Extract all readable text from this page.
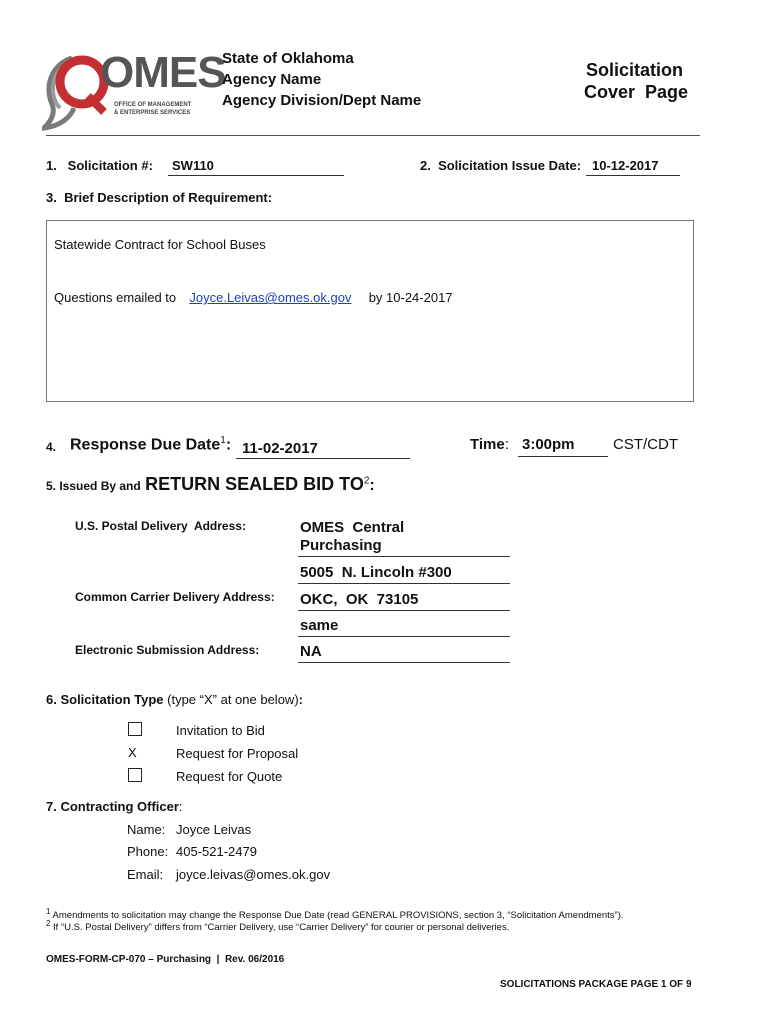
OMES
OFFICE OF MANAGEMENT
& ENTERPRISE SERVICES
State of Oklahoma
Agency Name
Agency Division/Dept Name
Solicitation
Cover  Page
1.   Solicitation #:	SW110	2.  Solicitation Issue Date: 10-12-2017
3.  Brief Description of Requirement:
Statewide Contract for School Buses
Questions emailed to Joyce.Leivas@omes.ok.gov by 10-24-2017
4. Response Due Date$^1$: 11-02-2017	Time: 3:00pm	CST/CDT
5. Issued By and RETURN SEALED BID $TO^2$:
U.S. Postal Delivery  Address:	OMES  Central
Purchasing
5005  N. Lincoln #300
Common Carrier Delivery Address: OKC,  OK  73105
same
Electronic Submission Address:	NA
6. Solicitation Type (type “X” at one below):
Invitation to Bid
X	Request for Proposal
Request for Quote
7. Contracting Officer:
Name: Joyce Leivas
Phone: 405-521-2479
Email: joyce.leivas@omes.ok.gov
$^1$ Amendments to solicitation may change the Response Due Date (read GENERAL PROVISIONS, section 3, “Solicitation Amendments”).
$^2$ If “U.S. Postal Delivery” differs from “Carrier Delivery, use “Carrier Delivery” for courier or personal deliveries.
OMES-FORM-CP-070 – Purchasing  |  Rev. 06/2016
SOLICITATIONS PACKAGE PAGE 1 OF 9
